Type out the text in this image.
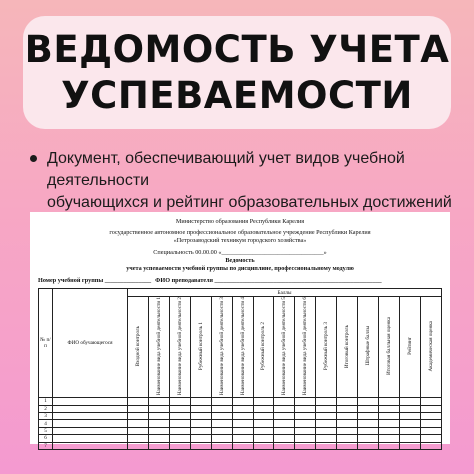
ВЕДОМОСТЬ УЧЕТА
УСПЕВАЕМОСТИ
Документ, обеспечивающий учет видов учебной деятельности
обучающихся и рейтинг образовательных достижений
Министерство образования Республики Карелия
государственное автономное профессиональное образовательное учреждение Республики Карелия
«Петрозаводский техникум городского хозяйства»
Специальность 00.00.00 «_________________________________»
Ведомость
учета успеваемости учебной группы по дисциплине, профессиональному модулю
Номер учебной группы _______________ ФИО преподавателя ______________________________________________________
№ п/п	ФИО обучающегося	Баллы														
		Входной контроль	Наименование вида учебной деятельности 1	Наименование вида учебной деятельности 2	Рубежный контроль 1	Наименование вида учебной деятельности 3	Наименование вида учебной деятельности 4	Рубежный контроль 2	Наименование вида учебной деятельности 5	Наименование вида учебной деятельности 6	Рубежный контроль 3	Итоговый контроль	Штрафные баллы	Итоговая балльная оценка	Рейтинг	Академическая оценка
1																
2																
3																
4																
5																
6																
7																
